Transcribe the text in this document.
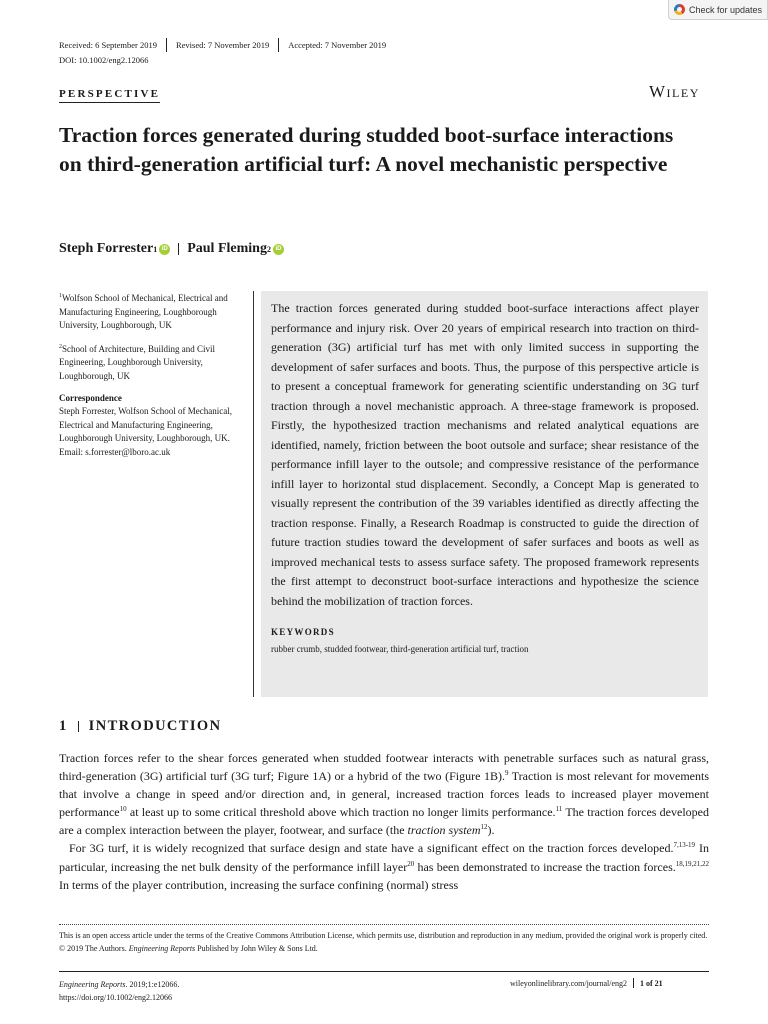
Check for updates
Received: 6 September 2019 Revised: 7 November 2019 Accepted: 7 November 2019
DOI: 10.1002/eng2.12066
PERSPECTIVE	Wiley
Traction forces generated during studded boot-surface interactions on third-generation artificial turf: A novel mechanistic perspective
Steph Forrester 1 iD Paul Fleming 2 iD

$^1$Wolfson School of Mechanical, Electrical and Manufacturing Engineering, Loughborough University, Loughborough, UK

$^2$School of Architecture, Building and Civil Engineering, Loughborough University, Loughborough, UK

Correspondence
Steph Forrester, Wolfson School of Mechanical, Electrical and Manufacturing Engineering, Loughborough University, Loughborough, UK.
Email: s.forrester@lboro.ac.uk

The traction forces generated during studded boot-surface interactions affect player performance and injury risk. Over 20 years of empirical research into traction on third-generation (3G) artificial turf has met with only limited success in supporting the development of safer surfaces and boots. Thus, the purpose of this perspective article is to present a conceptual framework for generating scientific understanding on 3G turf traction through a novel mechanistic approach. A three-stage framework is proposed. Firstly, the hypothesized traction mechanisms and related analytical equations are identified, namely, friction between the boot outsole and surface; shear resistance of the performance infill layer to the outsole; and compressive resistance of the performance infill layer to horizontal stud displacement. Secondly, a Concept Map is generated to visually represent the contribution of the 39 variables identified as directly affecting the traction response. Finally, a Research Roadmap is constructed to guide the direction of future traction studies toward the development of safer surfaces and boots as well as improved mechanical tests to assess surface safety. The proposed framework represents the first attempt to deconstruct boot-surface interactions and hypothesize the science behind the mobilization of traction forces.

KEYWORDS
rubber crumb, studded footwear, third-generation artificial turf, traction
1 INTRODUCTION

Traction forces refer to the shear forces generated when studded footwear interacts with penetrable surfaces such as natural grass, third-generation (3G) artificial turf (3G turf; Figure 1A) or a hybrid of the two (Figure 1B).$^9$ Traction is most relevant for movements that involve a change in speed and/or direction and, in general, increased traction forces leads to increased player movement performance$^{10}$ at least up to some critical threshold above which traction no longer limits performance.$^{11}$ The traction forces developed are a complex interaction between the player, footwear, and surface (the traction system$^{12}$).

For 3G turf, it is widely recognized that surface design and state have a significant effect on the traction forces developed.$^{7,13-19}$ In particular, increasing the net bulk density of the performance infill layer$^{20}$ has been demonstrated to increase the traction forces.$^{18,19,21,22}$ In terms of the player contribution, increasing the surface confining (normal) stress

This is an open access article under the terms of the Creative Commons Attribution License, which permits use, distribution and reproduction in any medium, provided the original work is properly cited.

© 2019 The Authors. Engineering Reports Published by John Wiley & Sons Ltd.

Engineering Reports. 2019;1:e12066.
https://doi.org/10.1002/eng2.12066
wileyonlinelibrary.com/journal/eng2 1 of 21
